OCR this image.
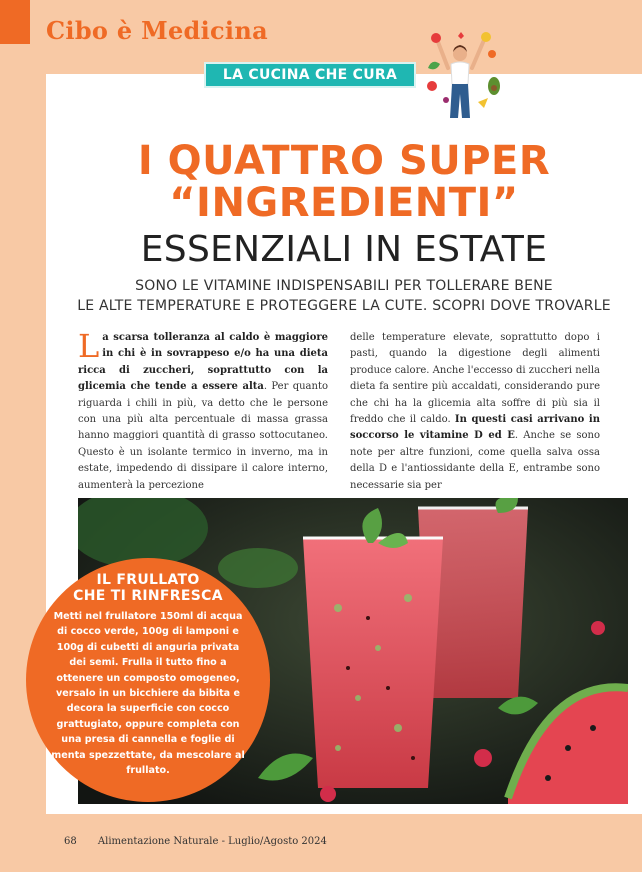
Cibo è Medicina
LA CUCINA CHE CURA
I QUATTRO SUPER
“INGREDIENTI”
ESSENZIALI IN ESTATE
SONO LE VITAMINE INDISPENSABILI PER TOLLERARE BENE
LE ALTE TEMPERATURE E PROTEGGERE LA CUTE. SCOPRI DOVE TROVARLE
La scarsa tolleranza al caldo è maggiore in chi è in sovrappeso e/o ha una dieta ricca di zuccheri, soprattutto con la glicemia che tende a essere alta. Per quanto riguarda i chili in più, va detto che le persone con una più alta percentuale di massa grassa hanno maggiori quantità di grasso sottocutaneo. Questo è un isolante termico in inverno, ma in estate, impedendo di dissipare il calore interno, aumenterà la percezione
delle temperature elevate, soprattutto dopo i pasti, quando la digestione degli alimenti produce calore. Anche l'eccesso di zuccheri nella dieta fa sentire più accaldati, considerando pure che chi ha la glicemia alta soffre di più sia il freddo che il caldo. In questi casi arrivano in soccorso le vitamine D ed E. Anche se sono note per altre funzioni, come quella salva ossa della D e l'antiossidante della E, entrambe sono necessarie sia per
IL FRULLATO
CHE TI RINFRESCA
Metti nel frullatore 150ml di acqua di cocco verde, 100g di lamponi e 100g di cubetti di anguria privata dei semi. Frulla il tutto fino a ottenere un composto omogeneo, versalo in un bicchiere da bibita e decora la superficie con cocco grattugiato, oppure completa con una presa di cannella e foglie di menta spezzettate, da mescolare al frullato.
68 Alimentazione Naturale - Luglio/Agosto 2024
